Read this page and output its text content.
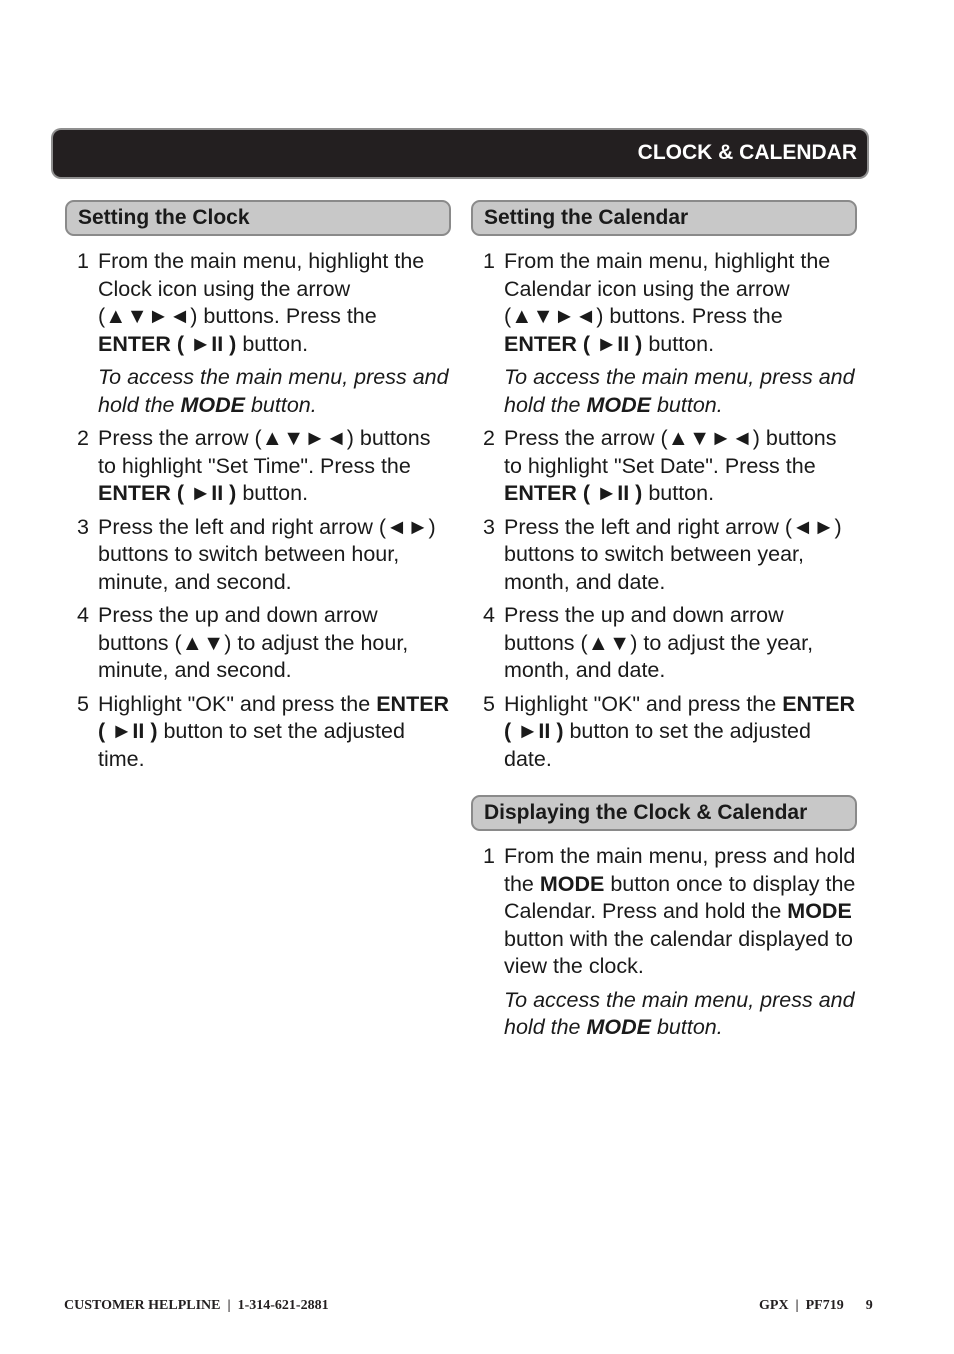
CLOCK & CALENDAR
Setting the Clock
1 From the main menu, highlight the Clock icon using the arrow (▲▼►◄) buttons. Press the ENTER ( ►II ) button.
To access the main menu, press and hold the MODE button.
2 Press the arrow (▲▼►◄) buttons to highlight "Set Time". Press the ENTER ( ►II ) button.
3 Press the left and right arrow (◄►) buttons to switch between hour, minute, and second.
4 Press the up and down arrow buttons (▲▼) to adjust the hour, minute, and second.
5 Highlight "OK" and press the ENTER ( ►II ) button to set the adjusted time.
Setting the Calendar
1 From the main menu, highlight the Calendar icon using the arrow (▲▼►◄) buttons. Press the ENTER ( ►II ) button.
To access the main menu, press and hold the MODE button.
2 Press the arrow (▲▼►◄) buttons to highlight "Set Date". Press the ENTER ( ►II ) button.
3 Press the left and right arrow (◄►) buttons to switch between year, month, and date.
4 Press the up and down arrow buttons (▲▼) to adjust the year, month, and date.
5 Highlight "OK" and press the ENTER ( ►II ) button to set the adjusted date.
Displaying the Clock & Calendar
1 From the main menu, press and hold the MODE button once to display the Calendar. Press and hold the MODE button with the calendar displayed to view the clock.
To access the main menu, press and hold the MODE button.
CUSTOMER HELPLINE  |  1-314-621-2881	GPX  |  PF719 9
